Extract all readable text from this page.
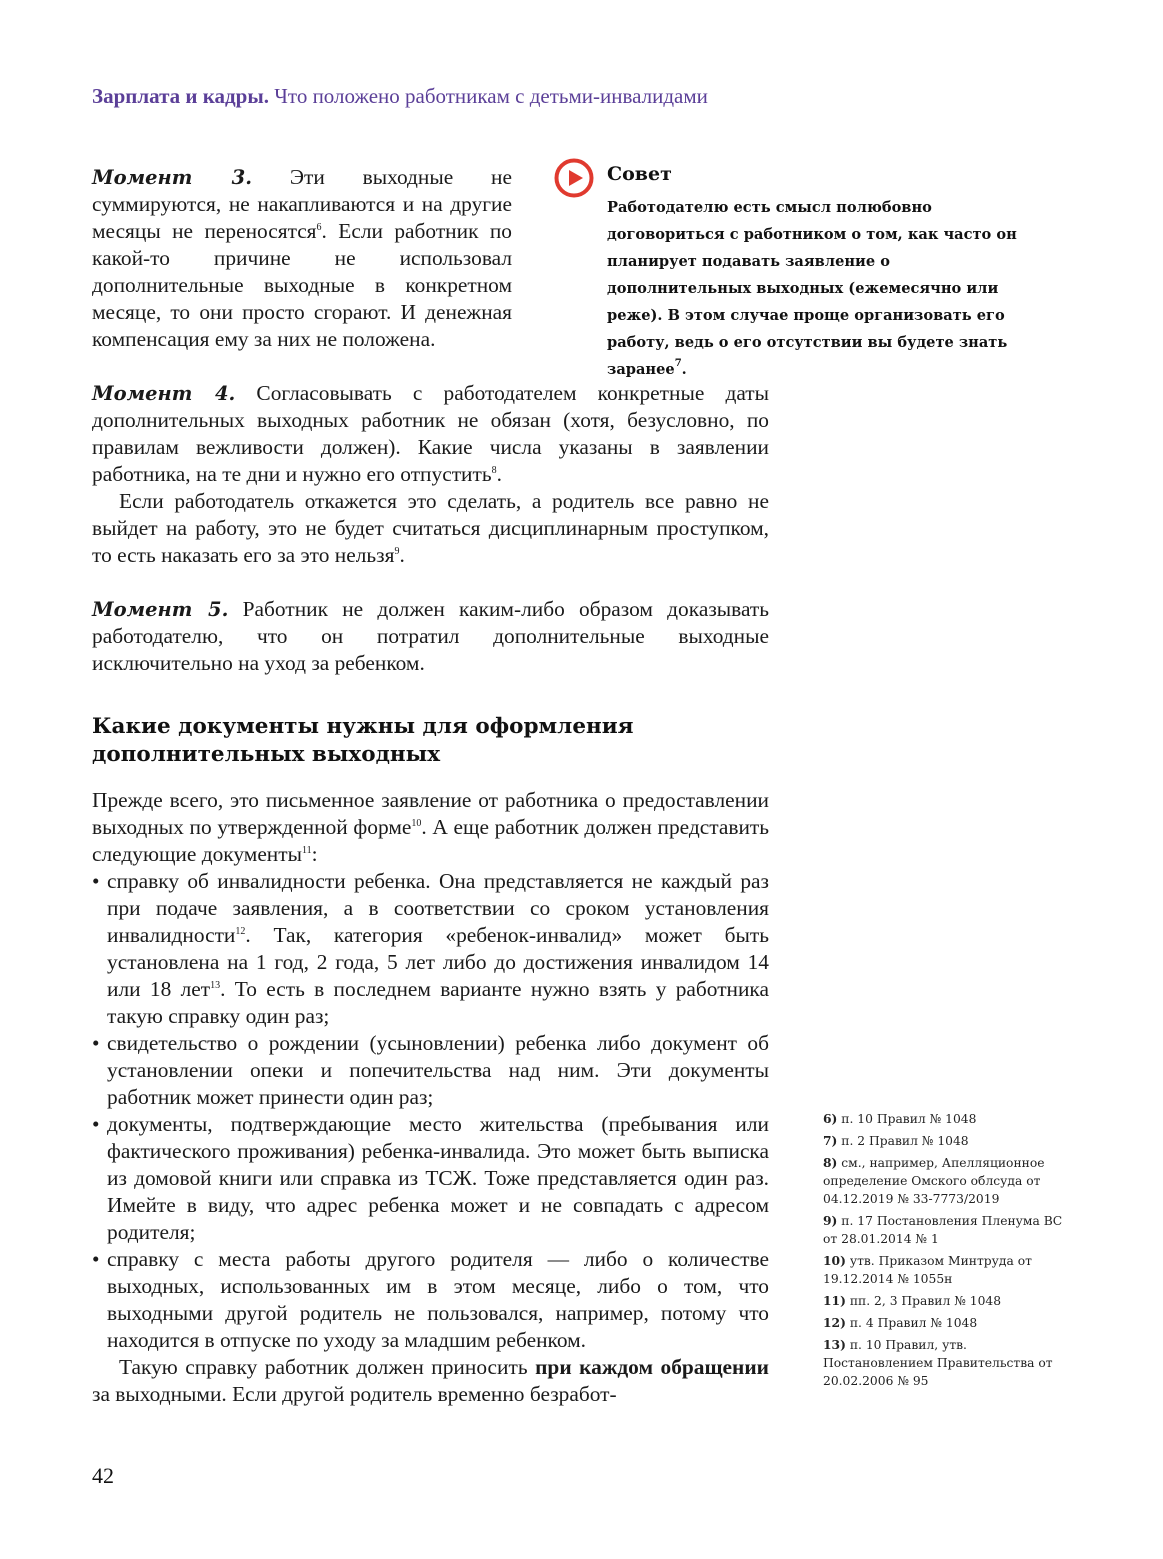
Зарплата и кадры. Что положено работникам с детьми-инвалидами
Момент 3. Эти выходные не суммируются, не накапливаются и на другие месяцы не переносятся$^6$. Если работник по какой-то причине не использовал дополнительные выходные в конкретном месяце, то они просто сгорают. И денежная компенсация ему за них не положена.
Совет
Работодателю есть смысл полюбовно договориться с работником о том, как часто он планирует подавать заявление о дополнительных выходных (ежемесячно или реже). В этом случае проще организовать его работу, ведь о его отсутствии вы будете знать заранее$^7$.

Момент 4. Согласовывать с работодателем конкретные даты дополнительных выходных работник не обязан (хотя, безусловно, по правилам вежливости должен). Какие числа указаны в заявлении работника, на те дни и нужно его отпустить$^8$.

Если работодатель откажется это сделать, а родитель все равно не выйдет на работу, это не будет считаться дисциплинарным проступком, то есть наказать его за это нельзя$^9$.

Момент 5. Работник не должен каким-либо образом доказывать работодателю, что он потратил дополнительные выходные исключительно на уход за ребенком.
Какие документы нужны для оформления дополнительных выходных

Прежде всего, это письменное заявление от работника о предоставлении выходных по утвержденной форме$^{10}$. А еще работник должен представить следующие документы$^{11}$:

• справку об инвалидности ребенка. Она представляется не каждый раз при подаче заявления, а в соответствии со сроком установления инвалидности$^{12}$. Так, категория «ребенок-инвалид» может быть установлена на 1 год, 2 года, 5 лет либо до достижения инвалидом 14 или 18 лет$^{13}$. То есть в последнем варианте нужно взять у работника такую справку один раз;
• свидетельство о рождении (усыновлении) ребенка либо документ об установлении опеки и попечительства над ним. Эти документы работник может принести один раз;
• документы, подтверждающие место жительства (пребывания или фактического проживания) ребенка-инвалида. Это может быть выписка из домовой книги или справка из ТСЖ. Тоже представляется один раз. Имейте в виду, что адрес ребенка может и не совпадать с адресом родителя;
• справку с места работы другого родителя — либо о количестве выходных, использованных им в этом месяце, либо о том, что выходными другой родитель не пользовался, например, потому что находится в отпуске по уходу за младшим ребенком.

Такую справку работник должен приносить при каждом обращении за выходными. Если другой родитель временно безработ-

6) п. 10 Правил № 1048
7) п. 2 Правил № 1048
8) см., например, Апелляционное определение Омского облсуда от 04.12.2019 № 33-7773/2019
9) п. 17 Постановления Пленума ВС от 28.01.2014 № 1
10) утв. Приказом Минтруда от 19.12.2014 № 1055н
11) пп. 2, 3 Правил № 1048
12) п. 4 Правил № 1048
13) п. 10 Правил, утв. Постановлением Правительства от 20.02.2006 № 95
42
